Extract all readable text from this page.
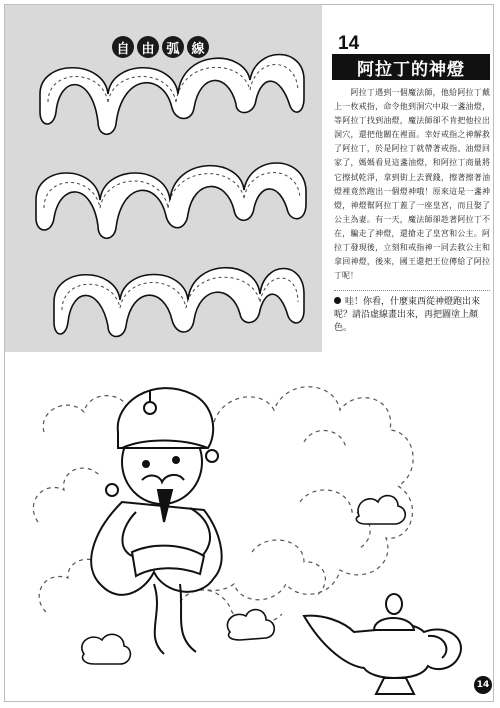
自 由 弧 線	14
阿拉丁的神燈

　　阿拉丁遇到一個魔法師，他給阿拉丁戴上一枚戒指，命令他到洞穴中取一盞油燈，等阿拉丁找到油燈，魔法師卻不肯把他拉出洞穴，還把他關在裡面。幸好戒指之神解救了阿拉丁，於是阿拉丁就帶著戒指、油燈回家了，媽媽看見這盞油燈，和阿拉丁商量將它擦拭乾淨，拿到街上去賣錢，擦著擦著油燈裡竟然跑出一個燈神哦！原來這是一盞神燈，神燈幫阿拉丁蓋了一座皇宮，而且娶了公主為妻。有一天，魔法師卻趁著阿拉丁不在，騙走了神燈，還搶走了皇宮和公主。阿拉丁發現後，立刻和戒指神一同去救公主和拿回神燈，後來，國王還把王位傳給了阿拉丁呢！

哇！你看，什麼東西從神燈跑出來呢？請沿虛線畫出來，再把圖塗上顏色。
14
